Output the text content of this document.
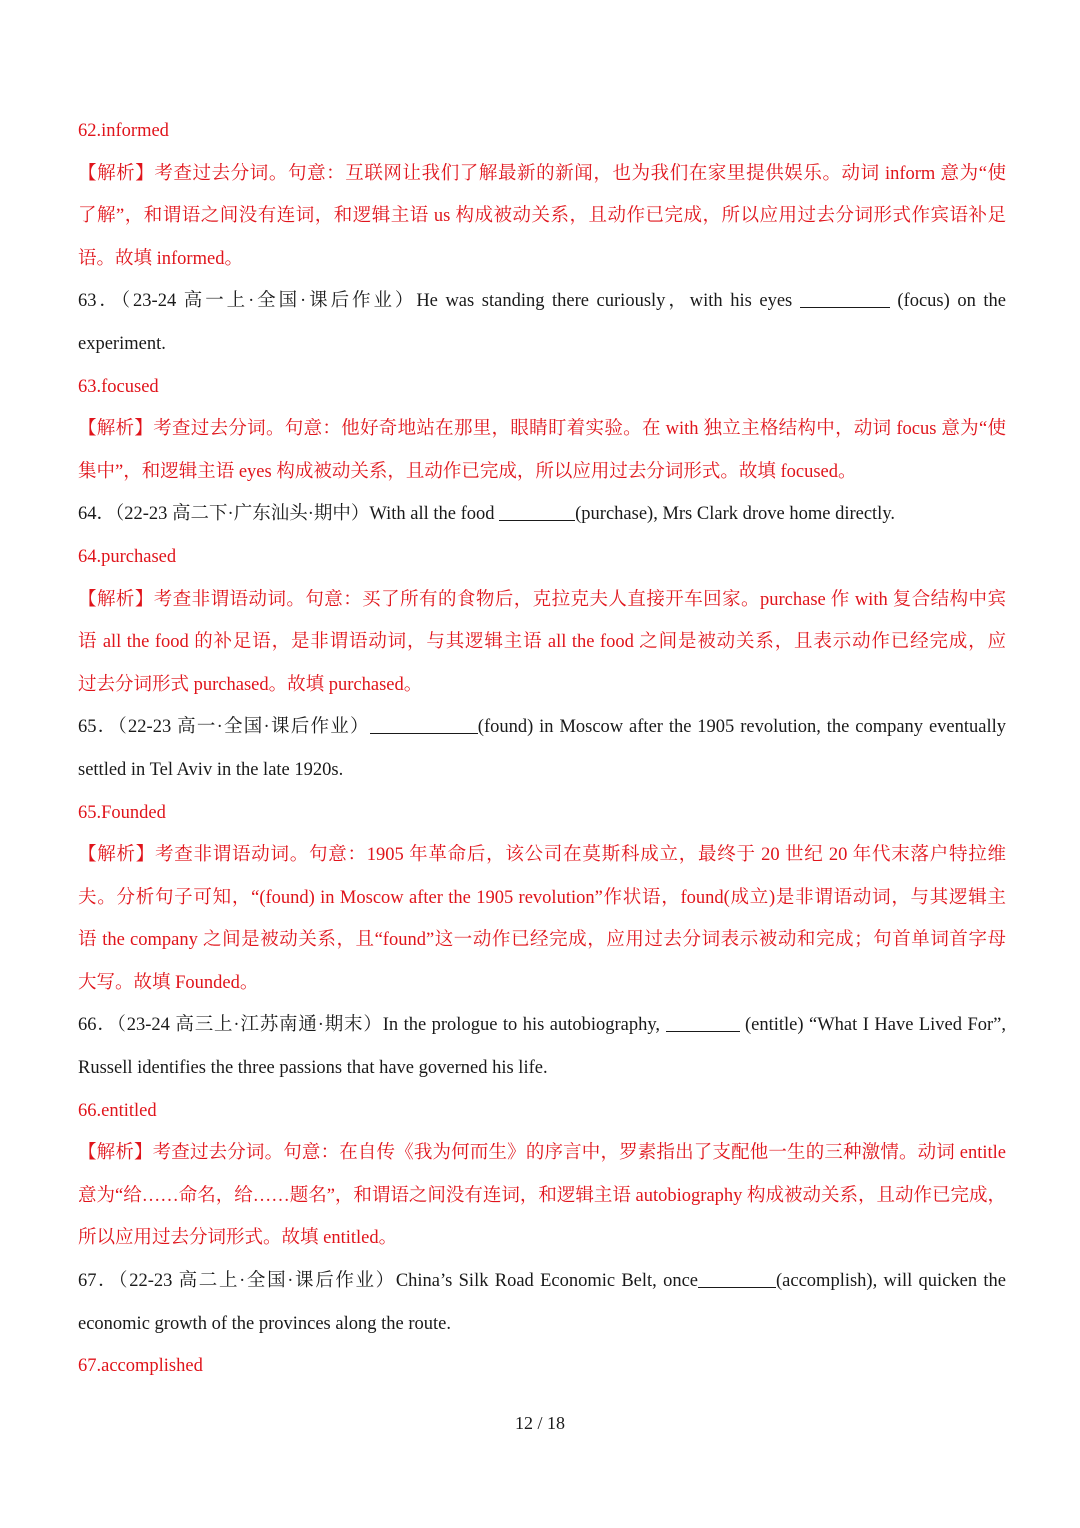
62.informed
【解析】考查过去分词。句意：互联网让我们了解最新的新闻，也为我们在家里提供娱乐。动词 inform 意为“使
了解”，和谓语之间没有连词，和逻辑主语 us 构成被动关系，且动作已完成，所以应用过去分词形式作宾语补足
语。故填 informed。
63．（23-24 高一上·全国·课后作业）He was standing there curiously，with his eyes	(focus) on the
experiment.
63.focused
【解析】考查过去分词。句意：他好奇地站在那里，眼睛盯着实验。在 with 独立主格结构中，动词 focus 意为“使
集中”，和逻辑主语 eyes 构成被动关系，且动作已完成，所以应用过去分词形式。故填 focused。
64．（22-23 高二下·广东汕头·期中）With all the food	(purchase), Mrs Clark drove home directly.
64.purchased
【解析】考查非谓语动词。句意：买了所有的食物后，克拉克夫人直接开车回家。purchase 作 with 复合结构中宾
语 all the food 的补足语，是非谓语动词，与其逻辑主语 all the food 之间是被动关系，且表示动作已经完成，应
过去分词形式 purchased。故填 purchased。
65．（22-23 高一·全国·课后作业）	(found) in Moscow after the 1905 revolution, the company eventually
settled in Tel Aviv in the late 1920s.
65.Founded
【解析】考查非谓语动词。句意：1905 年革命后，该公司在莫斯科成立，最终于 20 世纪 20 年代末落户特拉维
夫。分析句子可知，“(found) in Moscow after the 1905 revolution”作状语，found(成立)是非谓语动词，与其逻辑主
语 the company 之间是被动关系，且“found”这一动作已经完成，应用过去分词表示被动和完成；句首单词首字母
大写。故填 Founded。
66．（23-24 高三上·江苏南通·期末）In the prologue to his autobiography,	(entitle) “What I Have Lived For”,
Russell identifies the three passions that have governed his life.
66.entitled
【解析】考查过去分词。句意：在自传《我为何而生》的序言中，罗素指出了支配他一生的三种激情。动词 entitle
意为“给……命名，给……题名”，和谓语之间没有连词，和逻辑主语 autobiography 构成被动关系，且动作已完成，
所以应用过去分词形式。故填 entitled。
67．（22-23 高二上·全国·课后作业）China’s Silk Road Economic Belt, once	(accomplish), will quicken the
economic growth of the provinces along the route.
67.accomplished
12 / 18
